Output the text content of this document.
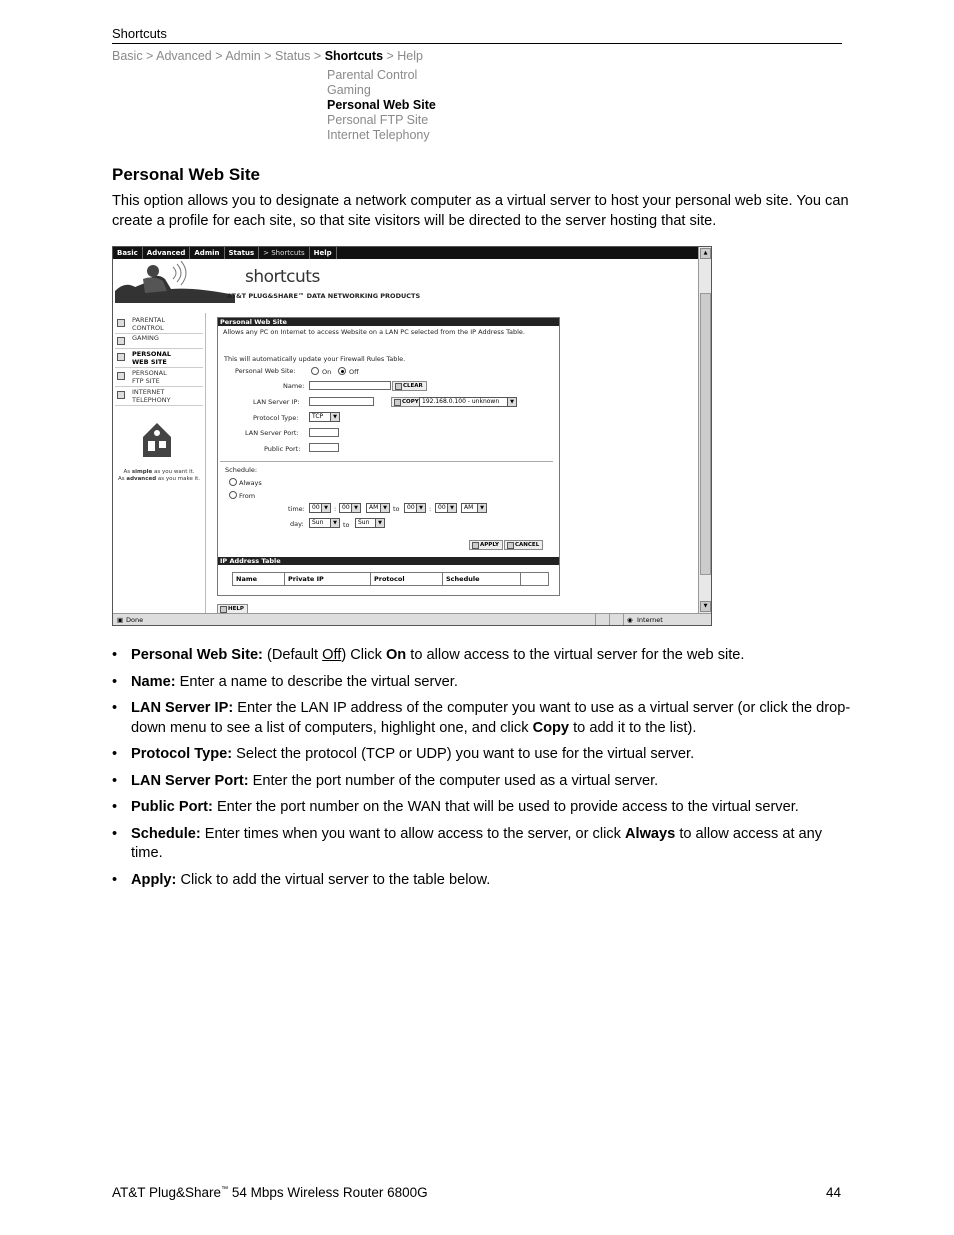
Shortcuts
Basic > Advanced > Admin > Status > Shortcuts > Help
Parental Control
Gaming
Personal Web Site
Personal FTP Site
Internet Telephony
Personal Web Site
This option allows you to designate a network computer as a virtual server to host your personal web site. You can create a profile for each site, so that site visitors will be directed to the server hosting that site.
Basic	Advanced	Admin	Status	> Shortcuts	Help
shortcuts
AT&T PLUG&SHARE™ DATA NETWORKING PRODUCTS
PARENTAL
CONTROL
GAMING
PERSONAL
WEB SITE
PERSONAL
FTP SITE
INTERNET
TELEPHONY
As simple as you want it.
As advanced as you make it.
Personal Web Site
Allows any PC on Internet to access Website on a LAN PC selected from the IP Address Table.
This will automatically update your Firewall Rules Table.
Personal Web Site:	On	Off
Name:	CLEAR
LAN Server IP:	COPY 192.168.0.100 - unknown	▼
Protocol Type:	TCP	▼
LAN Server Port:
Public Port:
Schedule:
Always
From
time:	00 ▼ : 00 ▼	AM ▼ to	00 ▼ :	00 ▼	AM	▼
day:	Sun	▼ to	Sun	▼
APPLY	CANCEL
IP Address Table
Name	Private IP	Protocol	Schedule
HELP
▲
▼
▣ Done	◉ Internet
• Personal Web Site: (Default Off) Click On to allow access to the virtual server for the web site.
• Name: Enter a name to describe the virtual server.
• LAN Server IP: Enter the LAN IP address of the computer you want to use as a virtual server (or click the drop-down menu to see a list of computers, highlight one, and click Copy to add it to the list).
• Protocol Type: Select the protocol (TCP or UDP) you want to use for the virtual server.
• LAN Server Port: Enter the port number of the computer used as a virtual server.
• Public Port: Enter the port number on the WAN that will be used to provide access to the virtual server.
• Schedule: Enter times when you want to allow access to the server, or click Always to allow access at any time.
• Apply: Click to add the virtual server to the table below.
AT&T Plug&Share™ 54 Mbps Wireless Router 6800G	44
